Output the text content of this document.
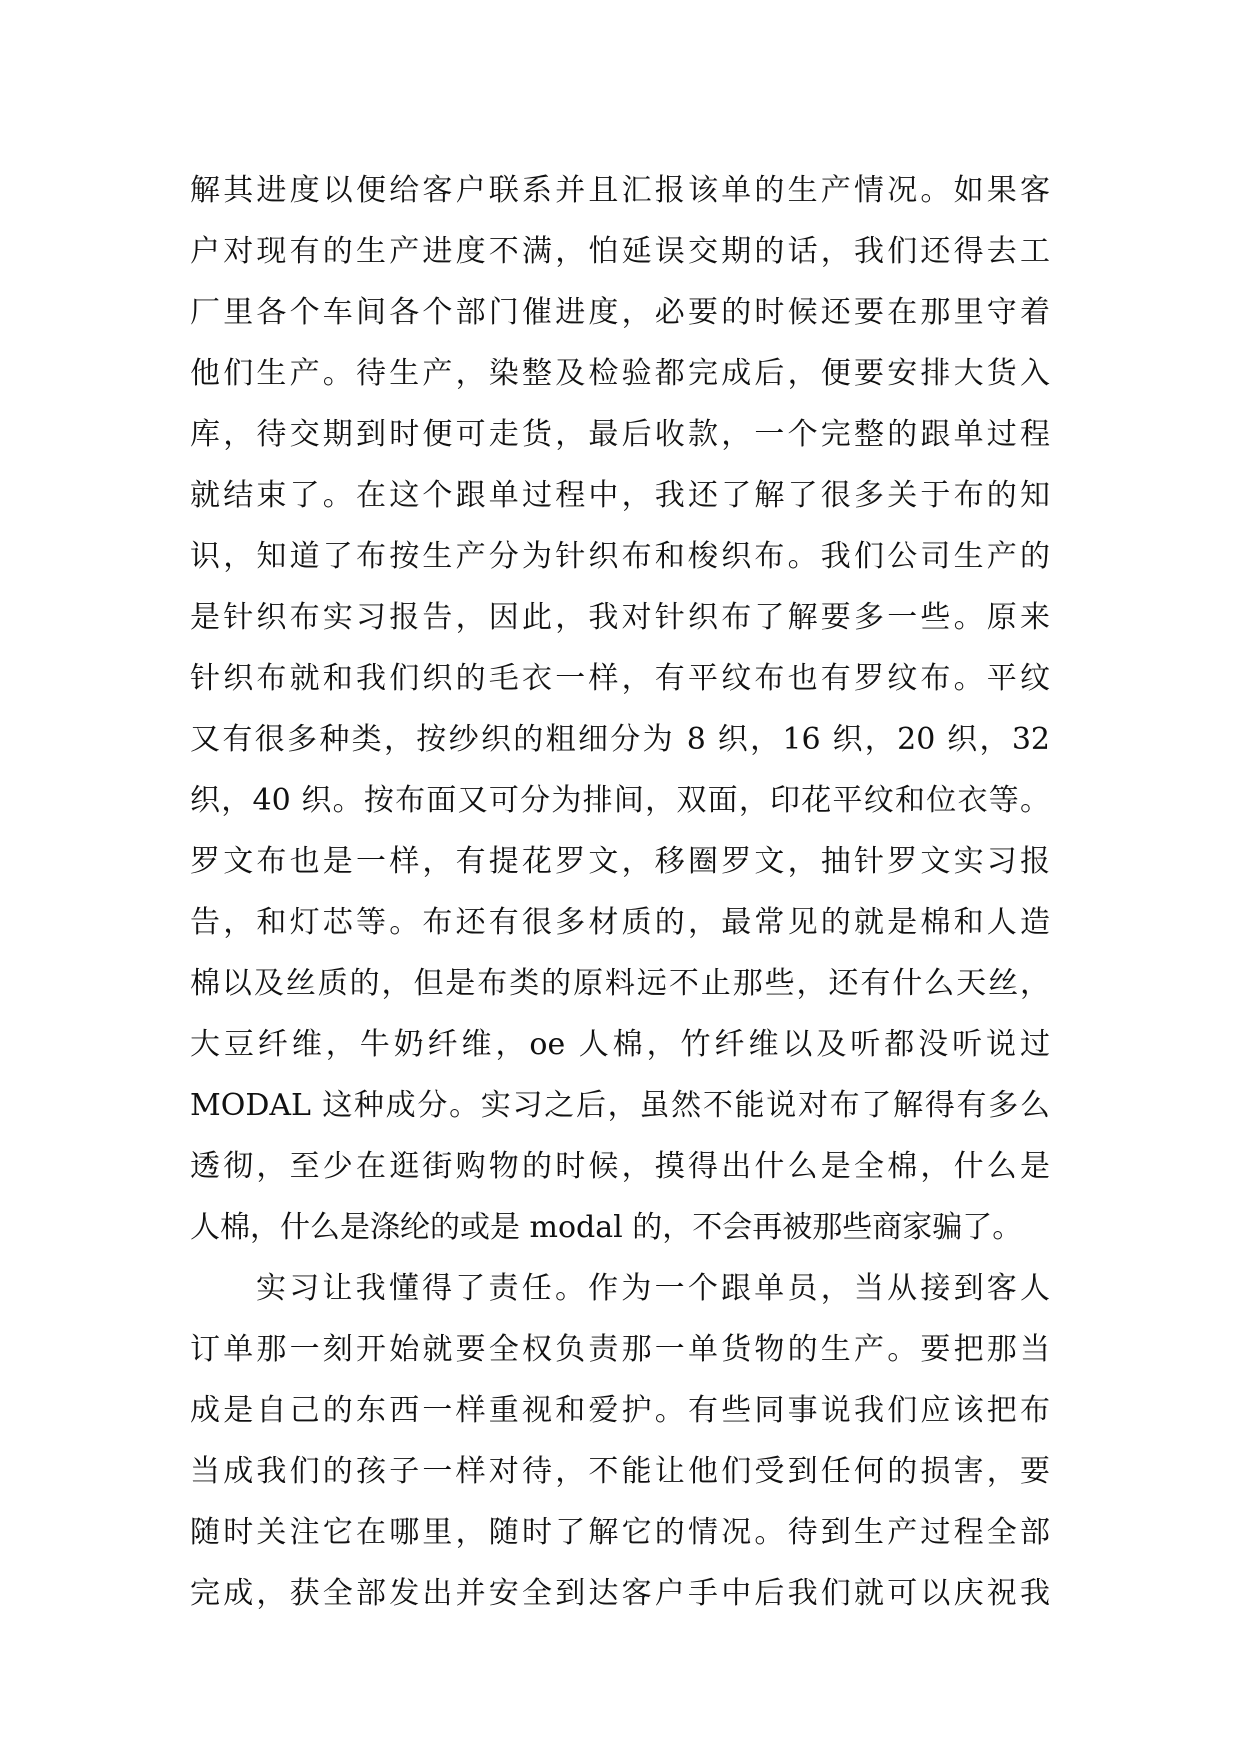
解其进度以便给客户联系并且汇报该单的生产情况。如果客
户对现有的生产进度不满，怕延误交期的话，我们还得去工
厂里各个车间各个部门催进度，必要的时候还要在那里守着
他们生产。待生产，染整及检验都完成后，便要安排大货入
库，待交期到时便可走货，最后收款，一个完整的跟单过程
就结束了。在这个跟单过程中，我还了解了很多关于布的知
识，知道了布按生产分为针织布和梭织布。我们公司生产的
是针织布实习报告，因此，我对针织布了解要多一些。原来
针织布就和我们织的毛衣一样，有平纹布也有罗纹布。平纹
又有很多种类，按纱织的粗细分为 8 织，16 织，20 织，32
织，40 织。按布面又可分为排间，双面，印花平纹和位衣等。
罗文布也是一样，有提花罗文，移圈罗文，抽针罗文实习报
告，和灯芯等。布还有很多材质的，最常见的就是棉和人造
棉以及丝质的，但是布类的原料远不止那些，还有什么天丝，
大豆纤维，牛奶纤维，oe 人棉，竹纤维以及听都没听说过
MODAL 这种成分。实习之后，虽然不能说对布了解得有多么
透彻，至少在逛街购物的时候，摸得出什么是全棉，什么是
人棉，什么是涤纶的或是 modal 的，不会再被那些商家骗了。
实习让我懂得了责任。作为一个跟单员，当从接到客人
订单那一刻开始就要全权负责那一单货物的生产。要把那当
成是自己的东西一样重视和爱护。有些同事说我们应该把布
当成我们的孩子一样对待，不能让他们受到任何的损害，要
随时关注它在哪里，随时了解它的情况。待到生产过程全部
完成，获全部发出并安全到达客户手中后我们就可以庆祝我
